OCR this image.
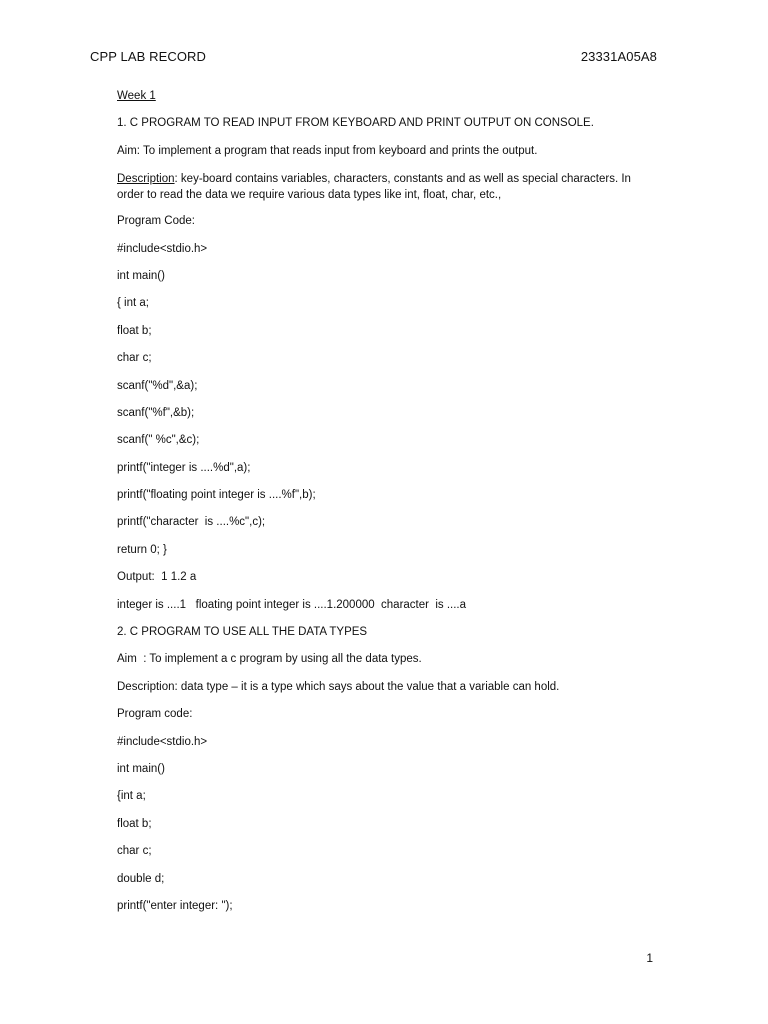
CPP LAB RECORD	23331A05A8
Week 1
1. C PROGRAM TO READ INPUT FROM KEYBOARD AND PRINT OUTPUT ON CONSOLE.
Aim: To implement a program that reads input from keyboard and prints the output.
Description: key-board contains variables, characters, constants and as well as special characters. In order to read the data we require various data types like int, float, char, etc.,
Program Code:
#include<stdio.h>
int main()
{ int a;
float b;
char c;
scanf("%d",&a);
scanf("%f",&b);
scanf(" %c",&c);
printf("integer is ....%d",a);
printf("floating point integer is ....%f",b);
printf("character  is ....%c",c);
return 0; }
Output:  1 1.2 a
integer is ....1   floating point integer is ....1.200000  character  is ....a
2. C PROGRAM TO USE ALL THE DATA TYPES
Aim  : To implement a c program by using all the data types.
Description: data type – it is a type which says about the value that a variable can hold.
Program code:
#include<stdio.h>
int main()
{int a;
float b;
char c;
double d;
printf("enter integer: ");
1
